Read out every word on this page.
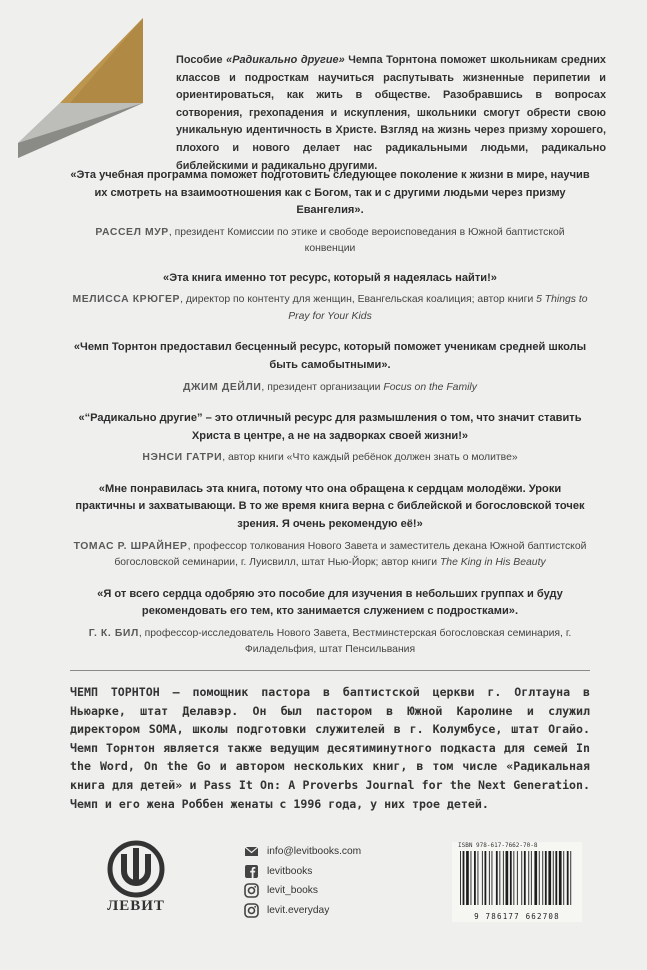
Пособие «Радикально другие» Чемпа Торнтона поможет школьникам средних классов и подросткам научиться распутывать жизненные перипетии и ориентироваться, как жить в обществе. Разобравшись в вопросах сотворения, грехопадения и искупления, школьники смогут обрести свою уникальную идентичность в Христе. Взгляд на жизнь через призму хорошего, плохого и нового делает нас радикальными людьми, радикально библейскими и радикально другими.
«Эта учебная программа поможет подготовить следующее поколение к жизни в мире, научив их смотреть на взаимоотношения как с Богом, так и с другими людьми через призму Евангелия».
РАССЕЛ МУР, президент Комиссии по этике и свободе вероисповедания в Южной баптистской конвенции
«Эта книга именно тот ресурс, который я надеялась найти!»
МЕЛИССА КРЮГЕР, директор по контенту для женщин, Евангельская коалиция; автор книги 5 Things to Pray for Your Kids
«Чемп Торнтон предоставил бесценный ресурс, который поможет ученикам средней школы быть самобытными».
ДЖИМ ДЕЙЛИ, президент организации Focus on the Family
«“Радикально другие” – это отличный ресурс для размышления о том, что значит ставить Христа в центре, а не на задворках своей жизни!»
НЭНСИ ГАТРИ, автор книги «Что каждый ребёнок должен знать о молитве»
«Мне понравилась эта книга, потому что она обращена к сердцам молодёжи. Уроки практичны и захватывающи. В то же время книга верна с библейской и богословской точек зрения. Я очень рекомендую её!»
ТОМАС Р. ШРАЙНЕР, профессор толкования Нового Завета и заместитель декана Южной баптистской богословской семинарии, г. Луисвилл, штат Нью-Йорк; автор книги The King in His Beauty
«Я от всего сердца одобряю это пособие для изучения в небольших группах и буду рекомендовать его тем, кто занимается служением с подростками».
Г. К. БИЛ, профессор-исследователь Нового Завета, Вестминстерская богословская семинария, г. Филадельфия, штат Пенсильвания
ЧЕМП ТОРНТОН — помощник пастора в баптистской церкви г. Оглтауна в Ньюарке, штат Делавэр. Он был пастором в Южной Каролине и служил директором SOMA, школы подготовки служителей в г. Колумбусе, штат Огайо. Чемп Торнтон является также ведущим десятиминутного подкаста для семей In the Word, On the Go и автором нескольких книг, в том числе «Радикальная книга для детей» и Pass It On: A Proverbs Journal for the Next Generation. Чемп и его жена Роббен женаты с 1996 года, у них трое детей.
ЛЕВИТ
info@levitbooks.com
levitbooks
levit_books
levit.everyday
ISBN 978-617-7662-70-8
9 786177 662708
